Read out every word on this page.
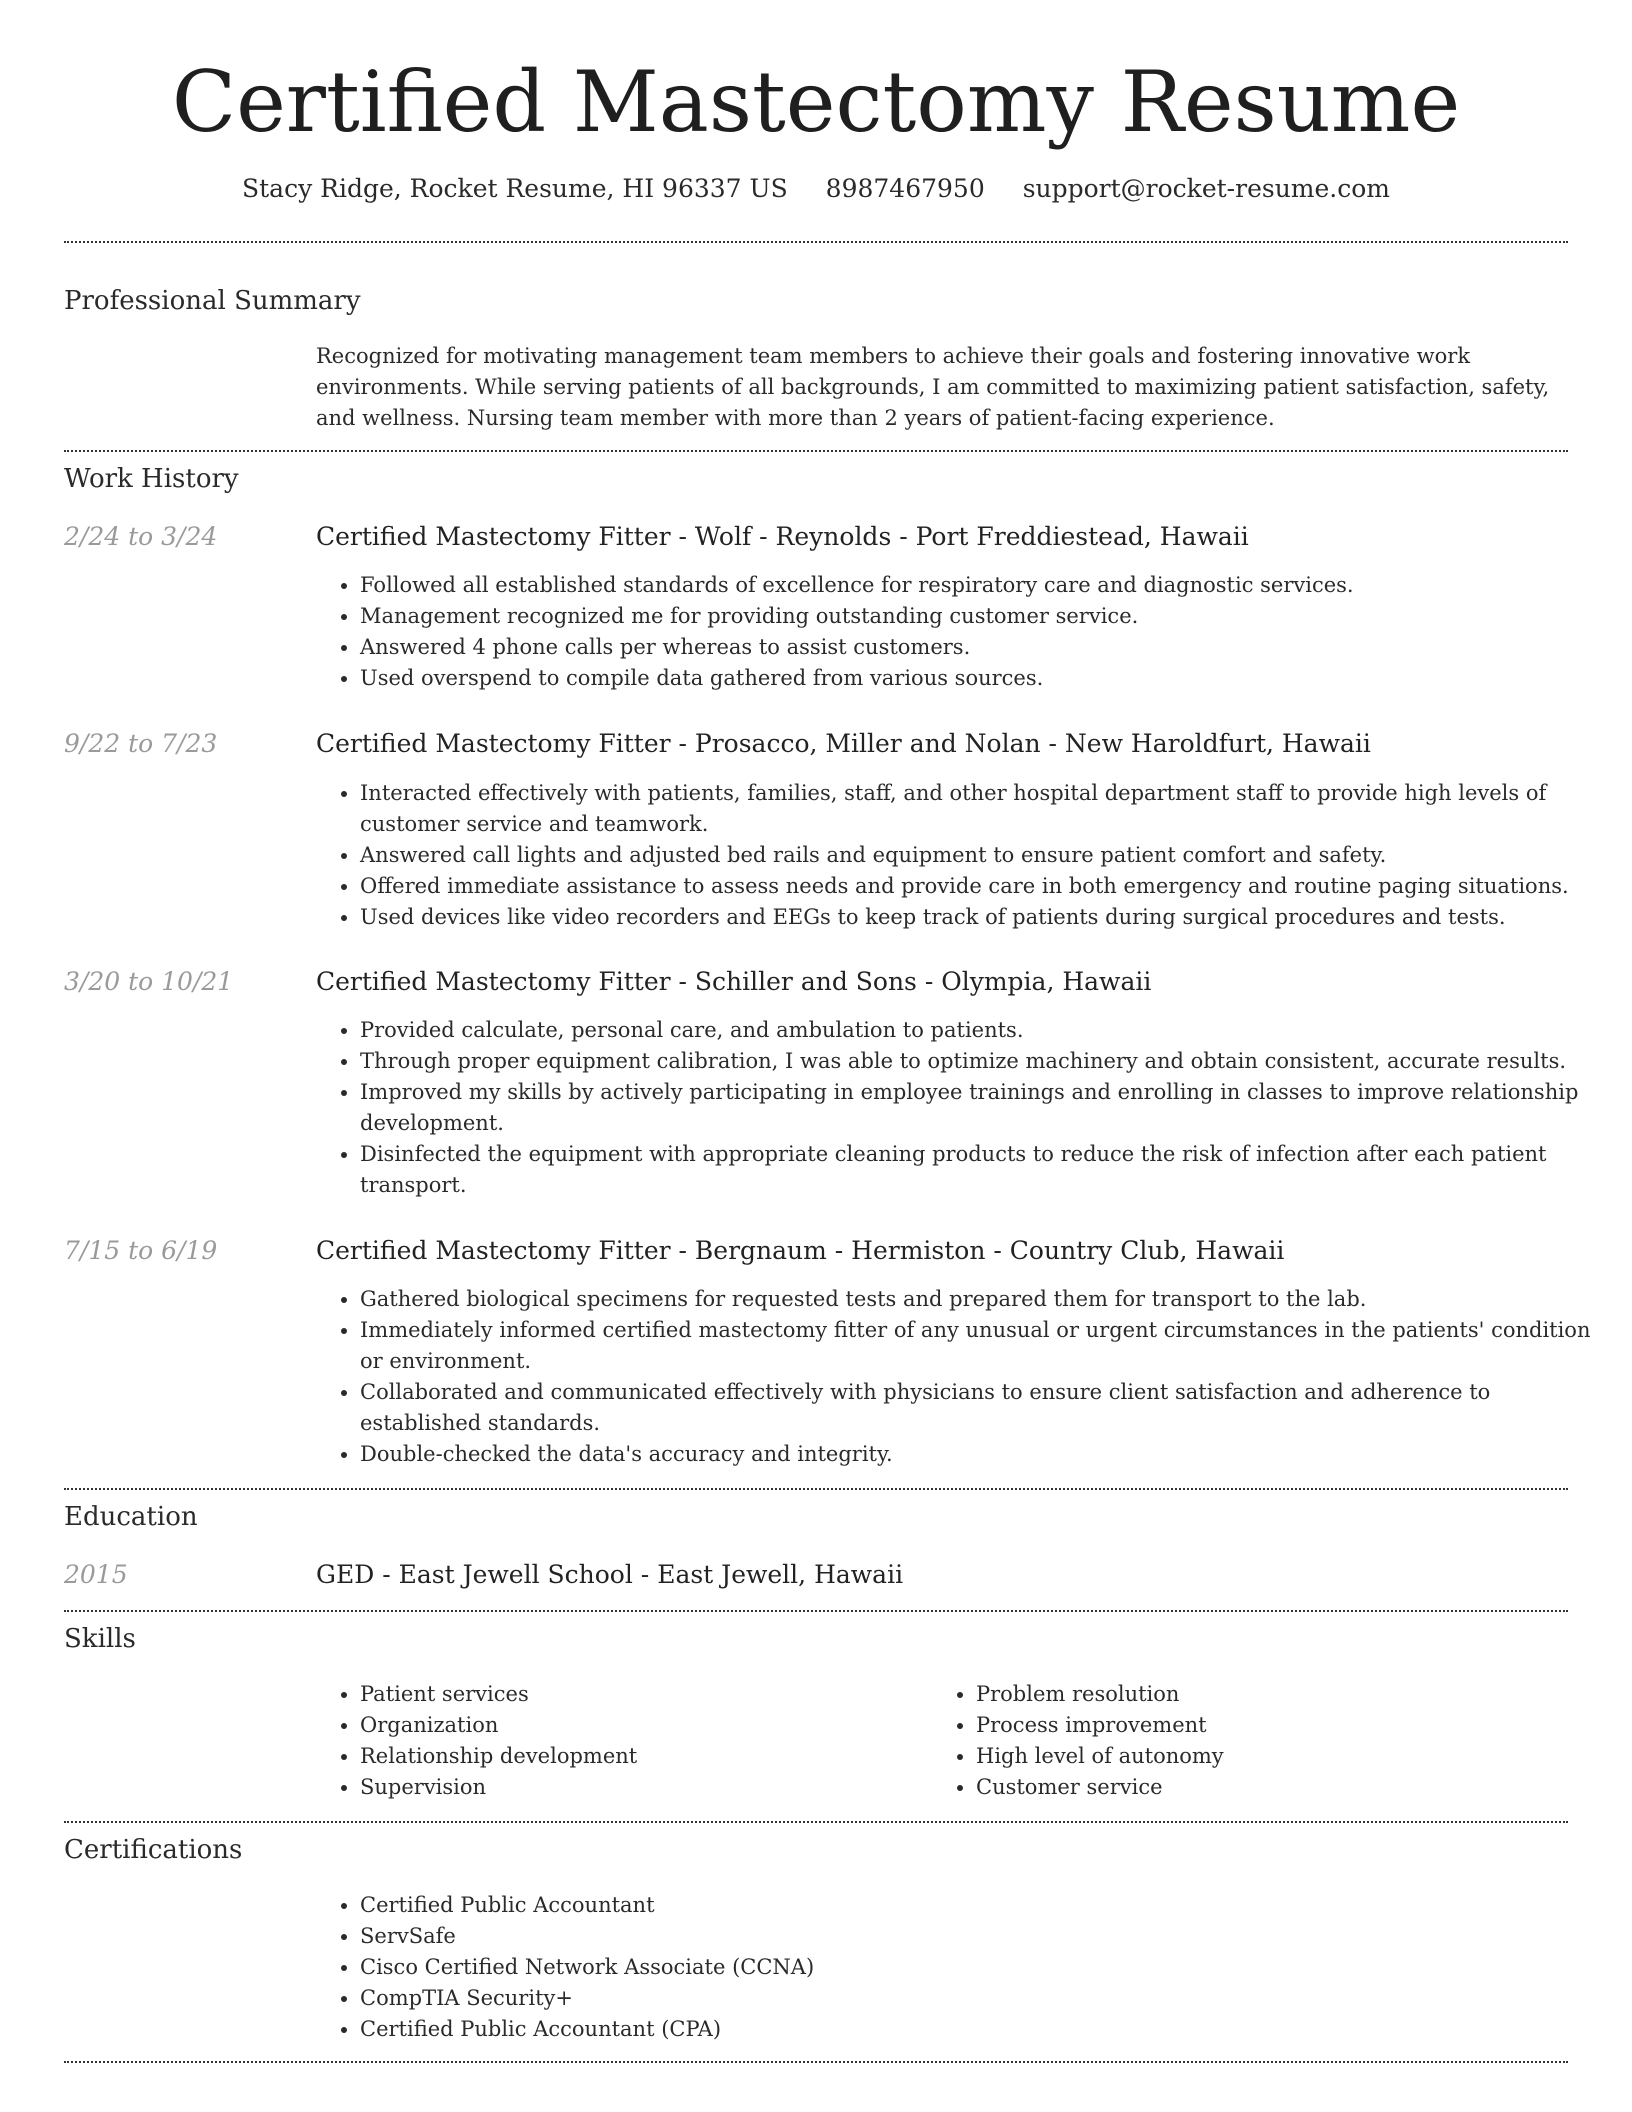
Certified Mastectomy Resume
Stacy Ridge, Rocket Resume, HI 96337 US 8987467950 support@rocket-resume.com
Professional Summary

Recognized for motivating management team members to achieve their goals and fostering innovative work environments. While serving patients of all backgrounds, I am committed to maximizing patient satisfaction, safety, and wellness. Nursing team member with more than 2 years of patient-facing experience.

Work History
2/24 to 3/24	Certified Mastectomy Fitter - Wolf - Reynolds - Port Freddiestead, Hawaii
• Followed all established standards of excellence for respiratory care and diagnostic services.
• Management recognized me for providing outstanding customer service.
• Answered 4 phone calls per whereas to assist customers.
• Used overspend to compile data gathered from various sources.
9/22 to 7/23	Certified Mastectomy Fitter - Prosacco, Miller and Nolan - New Haroldfurt, Hawaii
• Interacted effectively with patients, families, staff, and other hospital department staff to provide high levels of customer service and teamwork.
• Answered call lights and adjusted bed rails and equipment to ensure patient comfort and safety.
• Offered immediate assistance to assess needs and provide care in both emergency and routine paging situations.
• Used devices like video recorders and EEGs to keep track of patients during surgical procedures and tests.
3/20 to 10/21	Certified Mastectomy Fitter - Schiller and Sons - Olympia, Hawaii
• Provided calculate, personal care, and ambulation to patients.
• Through proper equipment calibration, I was able to optimize machinery and obtain consistent, accurate results.
• Improved my skills by actively participating in employee trainings and enrolling in classes to improve relationship development.
• Disinfected the equipment with appropriate cleaning products to reduce the risk of infection after each patient transport.
7/15 to 6/19	Certified Mastectomy Fitter - Bergnaum - Hermiston - Country Club, Hawaii
• Gathered biological specimens for requested tests and prepared them for transport to the lab.
• Immediately informed certified mastectomy fitter of any unusual or urgent circumstances in the patients' condition or environment.
• Collaborated and communicated effectively with physicians to ensure client satisfaction and adherence to established standards.
• Double-checked the data's accuracy and integrity.
Education
2015	GED - East Jewell School - East Jewell, Hawaii
Skills
• Patient services
• Organization
• Relationship development
• Supervision
• Problem resolution
• Process improvement
• High level of autonomy
• Customer service
Certifications
• Certified Public Accountant
• ServSafe
• Cisco Certified Network Associate (CCNA)
• CompTIA Security+
• Certified Public Accountant (CPA)
